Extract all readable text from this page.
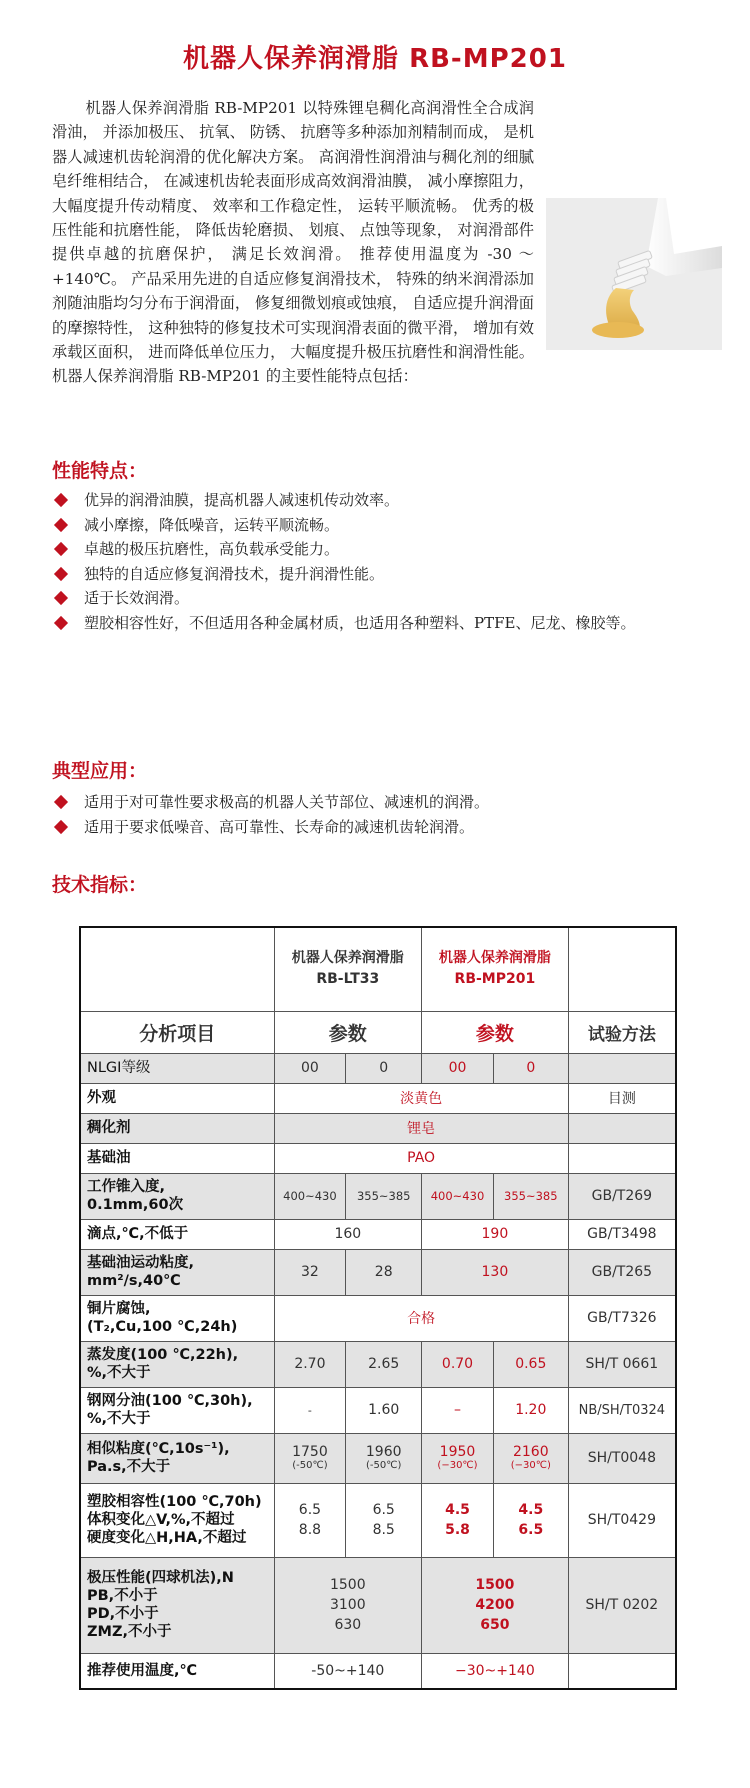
机器人保养润滑脂 RB-MP201

机器人保养润滑脂 RB-MP201 以特殊锂皂稠化高润滑性全合成润滑油， 并添加极压、 抗氧、 防锈、 抗磨等多种添加剂精制而成， 是机器人减速机齿轮润滑的优化解决方案。 高润滑性润滑油与稠化剂的细腻皂纤维相结合， 在减速机齿轮表面形成高效润滑油膜， 减小摩擦阻力， 大幅度提升传动精度、 效率和工作稳定性， 运转平顺流畅。 优秀的极压性能和抗磨性能， 降低齿轮磨损、 划痕、 点蚀等现象， 对润滑部件提供卓越的抗磨保护， 满足长效润滑。 推荐使用温度为 -30 ～ +140℃。 产品采用先进的自适应修复润滑技术， 特殊的纳米润滑添加剂随油脂均匀分布于润滑面， 修复细微划痕或蚀痕， 自适应提升润滑面的摩擦特性， 这种独特的修复技术可实现润滑表面的微平滑， 增加有效承载区面积， 进而降低单位压力， 大幅度提升极压抗磨性和润滑性能。 机器人保养润滑脂 RB-MP201 的主要性能特点包括：

性能特点：
优异的润滑油膜，提高机器人减速机传动效率。
减小摩擦，降低噪音，运转平顺流畅。
卓越的极压抗磨性，高负载承受能力。
独特的自适应修复润滑技术，提升润滑性能。
适于长效润滑。
塑胶相容性好，不但适用各种金属材质，也适用各种塑料、PTFE、尼龙、橡胶等。
典型应用：
适用于对可靠性要求极高的机器人关节部位、减速机的润滑。
适用于要求低噪音、高可靠性、长寿命的减速机齿轮润滑。
技术指标：
	机器人保养润滑脂
RB-LT33		机器人保养润滑脂
RB-MP201		
分析项目	参数		参数		试验方法
NLGI等级	00	0	00	0	
外观	淡黄色				目测
稠化剂	锂皂				
基础油	PAO				
工作锥入度,
0.1mm,60次	400~430	355~385	400~430	355~385	GB/T269
滴点,℃,不低于	160		190		GB/T3498
基础油运动粘度,
mm²/s,40℃	32	28	130		GB/T265
铜片腐蚀,
(T₂,Cu,100 ℃,24h)	合格				GB/T7326
蒸发度(100 ℃,22h),
%,不大于	2.70	2.65	0.70	0.65	SH/T 0661
钢网分油(100 ℃,30h),
%,不大于	-	1.60	–	1.20	NB/SH/T0324
相似粘度(℃,10s⁻¹),
Pa.s,不大于	1750
(-50℃)	1960
(-50℃)	1950
(−30℃)	2160
(−30℃)	SH/T0048
塑胶相容性(100 ℃,70h)
体积变化△V,%,不超过
硬度变化△H,HA,不超过	6.5
8.8	6.5
8.5	4.5
5.8	4.5
6.5	SH/T0429
极压性能(四球机法),N
PB,不小于
PD,不小于
ZMZ,不小于	1500
3100
630		1500
4200
650		SH/T 0202
推荐使用温度,℃	-50~+140		−30~+140		
